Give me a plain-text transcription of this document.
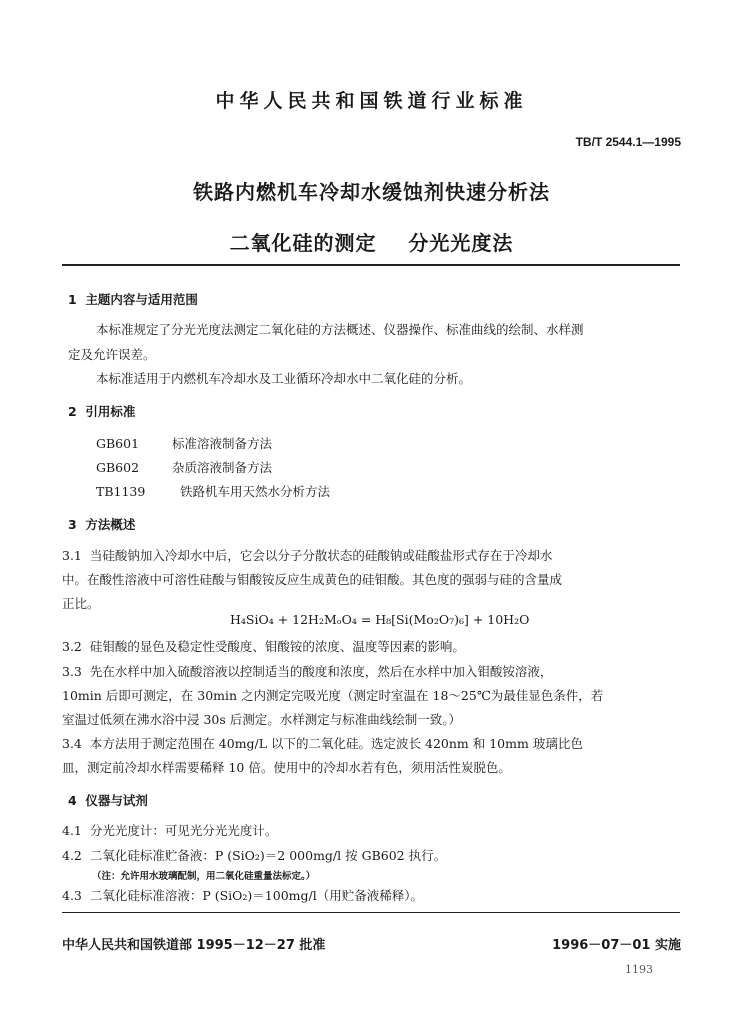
中华人民共和国铁道行业标准
TB/T 2544.1—1995
铁路内燃机车冷却水缓蚀剂快速分析法
二氧化硅的测定    分光光度法
1  主题内容与适用范围
本标准规定了分光光度法测定二氧化硅的方法概述、仪器操作、标准曲线的绘制、水样测
定及允许误差。
本标准适用于内燃机车冷却水及工业循环冷却水中二氧化硅的分析。
2  引用标准
GB601	标准溶液制备方法
GB602	杂质溶液制备方法
TB1139	铁路机车用天然水分析方法
3  方法概述
3.1  当硅酸钠加入冷却水中后，它会以分子分散状态的硅酸钠或硅酸盐形式存在于冷却水
中。在酸性溶液中可溶性硅酸与钼酸铵反应生成黄色的硅钼酸。其色度的强弱与硅的含量成
正比。
H₄SiO₄ + 12H₂MₒO₄ = H₈[Si(Mo₂O₇)₆] + 10H₂O
3.2  硅钼酸的显色及稳定性受酸度、钼酸铵的浓度、温度等因素的影响。
3.3  先在水样中加入硫酸溶液以控制适当的酸度和浓度，然后在水样中加入钼酸铵溶液，
10min 后即可测定，在 30min 之内测定完吸光度（测定时室温在 18～25℃为最佳显色条件，若
室温过低须在沸水浴中浸 30s 后测定。水样测定与标准曲线绘制一致。）
3.4  本方法用于测定范围在 40mg/L 以下的二氧化硅。选定波长 420nm 和 10mm 玻璃比色
皿，测定前冷却水样需要稀释 10 倍。使用中的冷却水若有色，须用活性炭脱色。
4  仪器与试剂
4.1  分光光度计：可见光分光光度计。
4.2  二氧化硅标准贮备液：P (SiO₂)＝2 000mg/l 按 GB602 执行。
（注：允许用水玻璃配制，用二氧化硅重量法标定。）
4.3  二氧化硅标准溶液：P (SiO₂)＝100mg/l（用贮备液稀释）。
中华人民共和国铁道部 1995－12－27 批准	1996－07－01 实施
1193
